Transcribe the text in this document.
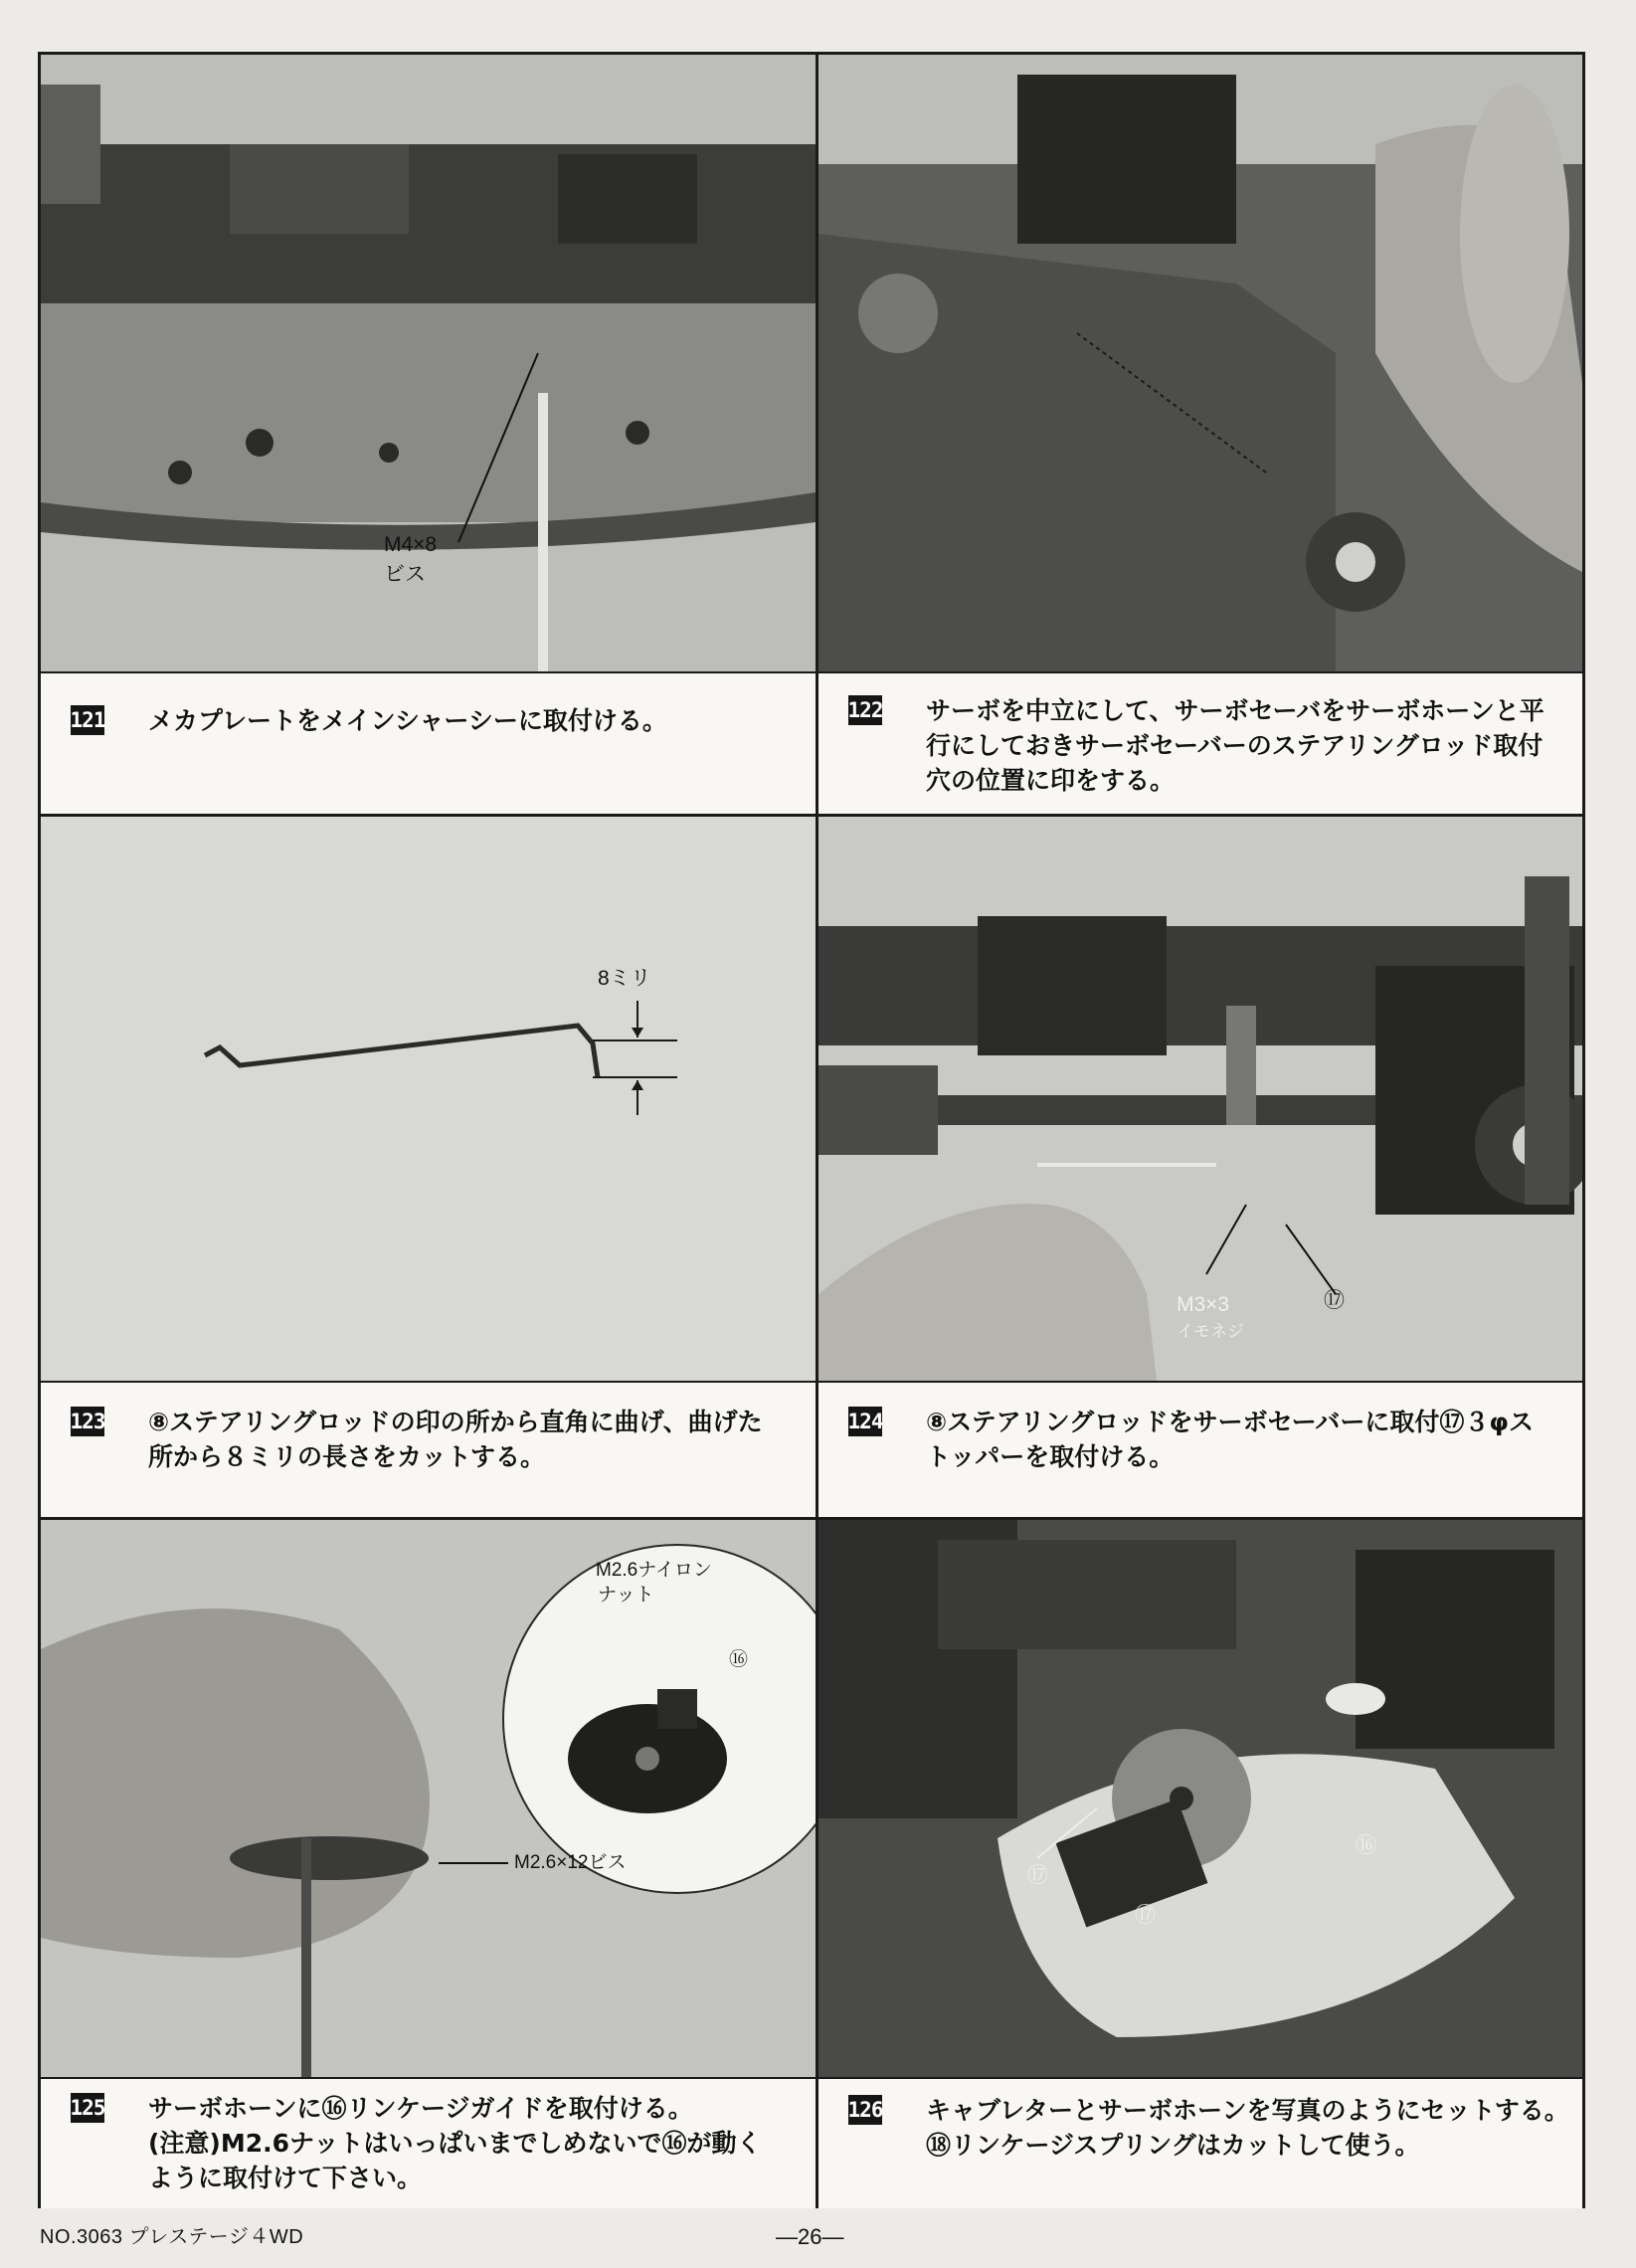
M4×8
ビス
121 メカプレートをメインシャーシーに取付ける。	122 サーボを中立にして、サーボセーバをサーボホーンと平
行にしておきサーボセーバーのステアリングロッド取付
穴の位置に印をする。
8ミリ
123 ⑧ステアリングロッドの印の所から直角に曲げ、曲げた
所から８ミリの長さをカットする。
M3×3
イモネジ
⑰
124 ⑧ステアリングロッドをサーボセーバーに取付⑰３φス
トッパーを取付ける。
M2.6ナイロン
ナット
⑯
M2.6×12ビス
125 サーボホーンに⑯リンケージガイドを取付ける。
(注意)M2.6ナットはいっぱいまでしめないで⑯が動く
ように取付けて下さい。
⑰
⑰
⑯
126 キャブレターとサーボホーンを写真のようにセットする。
⑱リンケージスプリングはカットして使う。
NO.3063 プレステージ４WD	—26—
